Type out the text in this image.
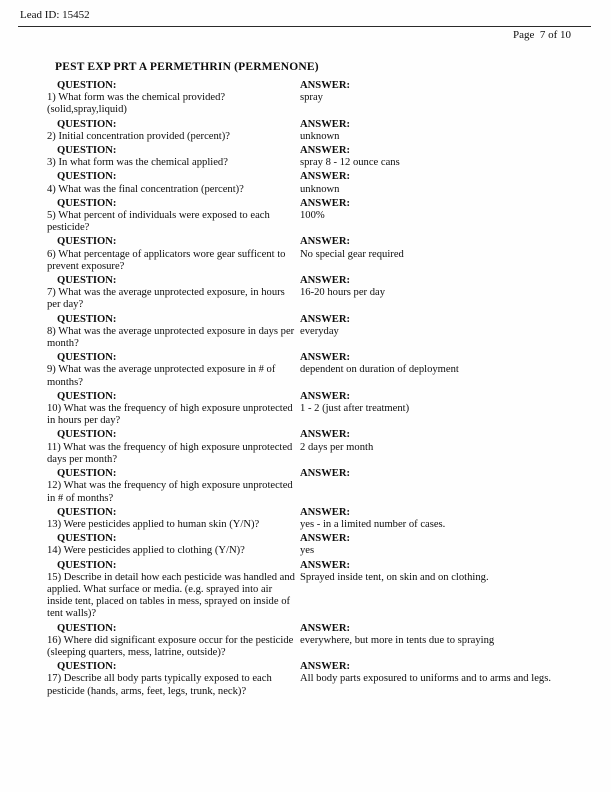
Lead ID: 15452
Page  7 of 10
PEST EXP PRT A PERMETHRIN (PERMENONE)
QUESTION:
1) What form was the chemical provided?(solid,spray,liquid)
ANSWER:
spray
QUESTION:
2) Initial concentration provided (percent)?
ANSWER:
unknown
QUESTION:
3) In what form was the chemical applied?
ANSWER:
spray 8 - 12 ounce cans
QUESTION:
4) What was the final concentration (percent)?
ANSWER:
unknown
QUESTION:
5) What percent of individuals were exposed to each pesticide?
ANSWER:
100%
QUESTION:
6) What percentage of applicators wore gear sufficent to prevent exposure?
ANSWER:
No special gear required
QUESTION:
7) What was the average unprotected exposure, in hours per day?
ANSWER:
16-20 hours per day
QUESTION:
8) What was the average unprotected exposure in days per month?
ANSWER:
everyday
QUESTION:
9) What was the average unprotected exposure in # of months?
ANSWER:
dependent on duration of deployment
QUESTION:
10) What was the frequency of high exposure unprotected in hours per day?
ANSWER:
1 - 2 (just after treatment)
QUESTION:
11) What was the frequency of high exposure unprotected days per month?
ANSWER:
2 days per month
QUESTION:
12) What was the frequency of high exposure unprotected in # of months?
ANSWER:
QUESTION:
13) Were pesticides applied to human skin (Y/N)?
ANSWER:
yes - in a limited number of cases.
QUESTION:
14) Were pesticides applied to clothing (Y/N)?
ANSWER:
yes
QUESTION:
15) Describe in detail how each pesticide was handled and applied. What surface or media. (e.g. sprayed into air inside tent, placed on tables in mess, sprayed on inside of tent walls)?
ANSWER:
Sprayed inside tent, on skin and on clothing.
QUESTION:
16) Where did significant exposure occur for the pesticide (sleeping quarters, mess, latrine, outside)?
ANSWER:
everywhere, but more in tents due to spraying
QUESTION:
17) Describe all body parts typically exposed to each pesticide (hands, arms, feet, legs, trunk, neck)?
ANSWER:
All body parts exposured to uniforms and to arms and legs.
